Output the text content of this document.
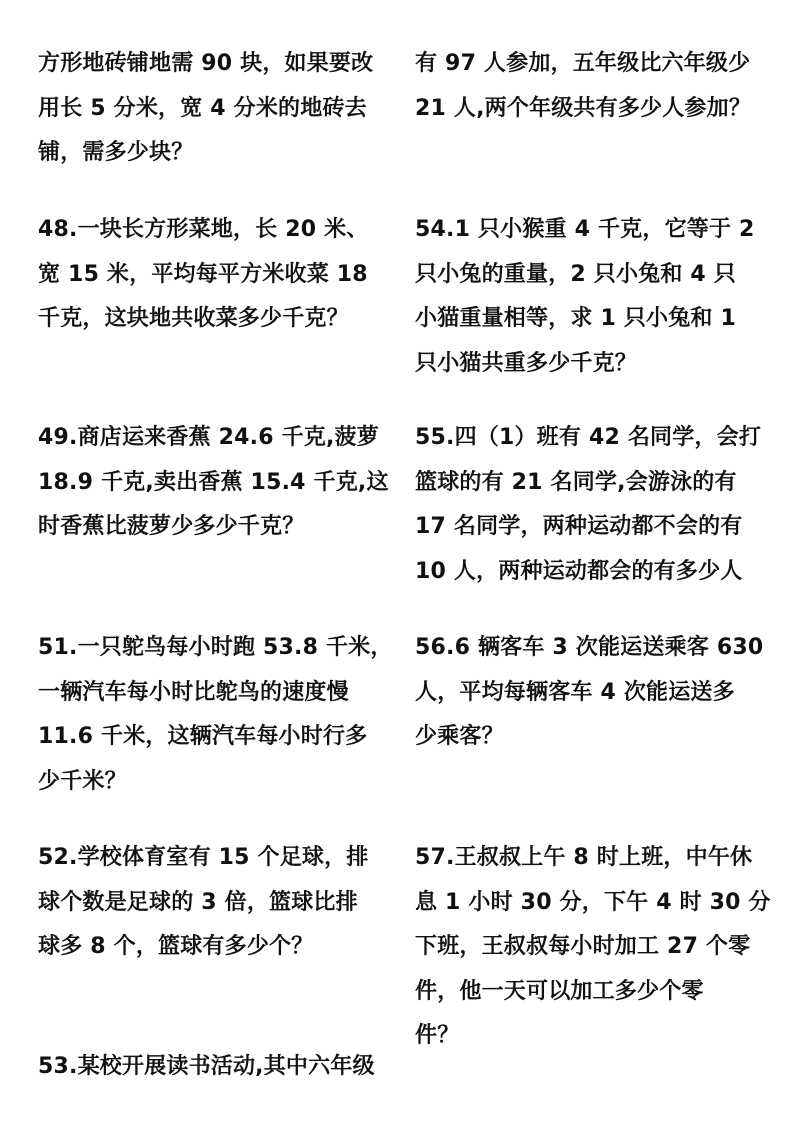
方形地砖铺地需 90 块，如果要改
用长 5 分米，宽 4 分米的地砖去
铺，需多少块？
48.一块长方形菜地，长 20 米、
宽 15 米，平均每平方米收菜 18
千克，这块地共收菜多少千克？
49.商店运来香蕉 24.6 千克,菠萝
18.9 千克,卖出香蕉 15.4 千克,这
时香蕉比菠萝少多少千克？
51.一只鸵鸟每小时跑 53.8 千米，
一辆汽车每小时比鸵鸟的速度慢
11.6 千米，这辆汽车每小时行多
少千米？
52.学校体育室有 15 个足球，排
球个数是足球的 3 倍，篮球比排
球多 8 个，篮球有多少个？
53.某校开展读书活动,其中六年级
有 97 人参加，五年级比六年级少
21 人,两个年级共有多少人参加？
54.1 只小猴重 4 千克，它等于 2
只小兔的重量，2 只小兔和 4 只
小猫重量相等，求 1 只小兔和 1
只小猫共重多少千克？
55.四（1）班有 42 名同学，会打
篮球的有 21 名同学,会游泳的有
17 名同学，两种运动都不会的有
10 人，两种运动都会的有多少人
56.6 辆客车 3 次能运送乘客 630
人，平均每辆客车 4 次能运送多
少乘客？
57.王叔叔上午 8 时上班，中午休
息 1 小时 30 分，下午 4 时 30 分
下班，王叔叔每小时加工 27 个零
件，他一天可以加工多少个零
件？
